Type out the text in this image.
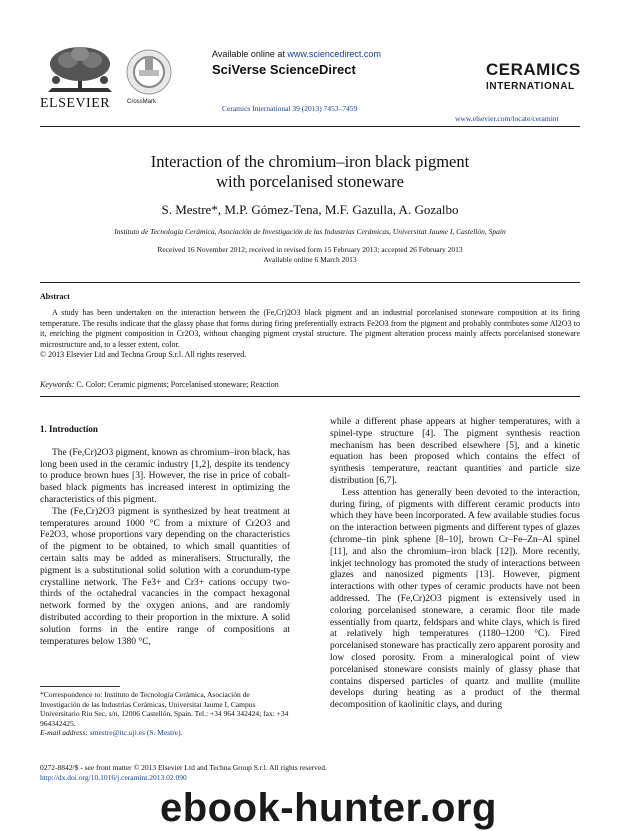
ELSEVIER	CrossMark
Available online at www.sciencedirect.com
SciVerse ScienceDirect
Ceramics International 39 (2013) 7453–7459
CERAMICS
INTERNATIONAL
www.elsevier.com/locate/ceramint
Interaction of the chromium–iron black pigment
with porcelanised stoneware
S. Mestre*, M.P. Gómez-Tena, M.F. Gazulla, A. Gozalbo
Instituto de Tecnología Cerámica, Asociación de Investigación de las Industrias Cerámicas, Universitat Jaume I, Castellón, Spain
Received 16 November 2012; received in revised form 15 February 2013; accepted 26 February 2013
Available online 6 March 2013
Abstract
A study has been undertaken on the interaction between the (Fe,Cr)2O3 black pigment and an industrial porcelanised stoneware composition at its firing temperature. The results indicate that the glassy phase that forms during firing preferentially extracts Fe2O3 from the pigment and probably contributes some Al2O3 to it, enriching the pigment composition in Cr2O3, without changing pigment crystal structure. The pigment alteration process mainly affects porcelanised stoneware microstructure and, to a lesser extent, color.
© 2013 Elsevier Ltd and Techna Group S.r.l. All rights reserved.
Keywords: C. Color; Ceramic pigments; Porcelanised stoneware; Reaction
1. Introduction

The (Fe,Cr)2O3 pigment, known as chromium–iron black, has long been used in the ceramic industry [1,2], despite its tendency to produce brown hues [3]. However, the rise in price of cobalt-based black pigments has increased interest in optimizing the characteristics of this pigment.

The (Fe,Cr)2O3 pigment is synthesized by heat treatment at temperatures around 1000 °C from a mixture of Cr2O3 and Fe2O3, whose proportions vary depending on the characteristics of the pigment to be obtained, to which small quantities of certain salts may be added as mineralisers. Structurally, the pigment is a substitutional solid solution with a corundum-type crystalline network. The Fe3+ and Cr3+ cations occupy two-thirds of the octahedral vacancies in the compact hexagonal network formed by the oxygen anions, and are randomly distributed according to their proportion in the mixture. A solid solution forms in the entire range of compositions at temperatures below 1380 °C,

while a different phase appears at higher temperatures, with a spinel-type structure [4]. The pigment synthesis reaction mechanism has been described elsewhere [5], and a kinetic equation has been proposed which contains the effect of synthesis temperature, reactant quantities and particle size distribution [6,7].

Less attention has generally been devoted to the interaction, during firing, of pigments with different ceramic products into which they have been incorporated. A few available studies focus on the interaction between pigments and different types of glazes (chrome–tin pink sphene [8–10], brown Cr–Fe–Zn–Al spinel [11], and also the chromium–iron black [12]). More recently, inkjet technology has promoted the study of interactions between glazes and nanosized pigments [13]. However, pigment interactions with other types of ceramic products have not been addressed. The (Fe,Cr)2O3 pigment is extensively used in coloring porcelanised stoneware, a ceramic floor tile made essentially from quartz, feldspars and white clays, which is fired at relatively high temperatures (1180–1200 °C). Fired porcelanised stoneware has practically zero apparent porosity and low closed porosity. From a mineralogical point of view porcelanised stoneware consists mainly of glassy phase that contains dispersed particles of quartz and mullite (mullite develops during heating as a product of the thermal decomposition of kaolinitic clays, and during

*Correspondence to: Instituto de Tecnología Cerámica, Asociación de Investigación de las Industrias Cerámicas, Universitat Jaume I, Campus Universitario Riu Sec, s/n, 12006 Castellón, Spain. Tel.: +34 964 342424; fax: +34 964342425.
E-mail address: smestre@itc.uji.es (S. Mestre).
0272-8842/$ - see front matter © 2013 Elsevier Ltd and Techna Group S.r.l. All rights reserved.
http://dx.doi.org/10.1016/j.ceramint.2013.02.090
ebook-hunter.org
